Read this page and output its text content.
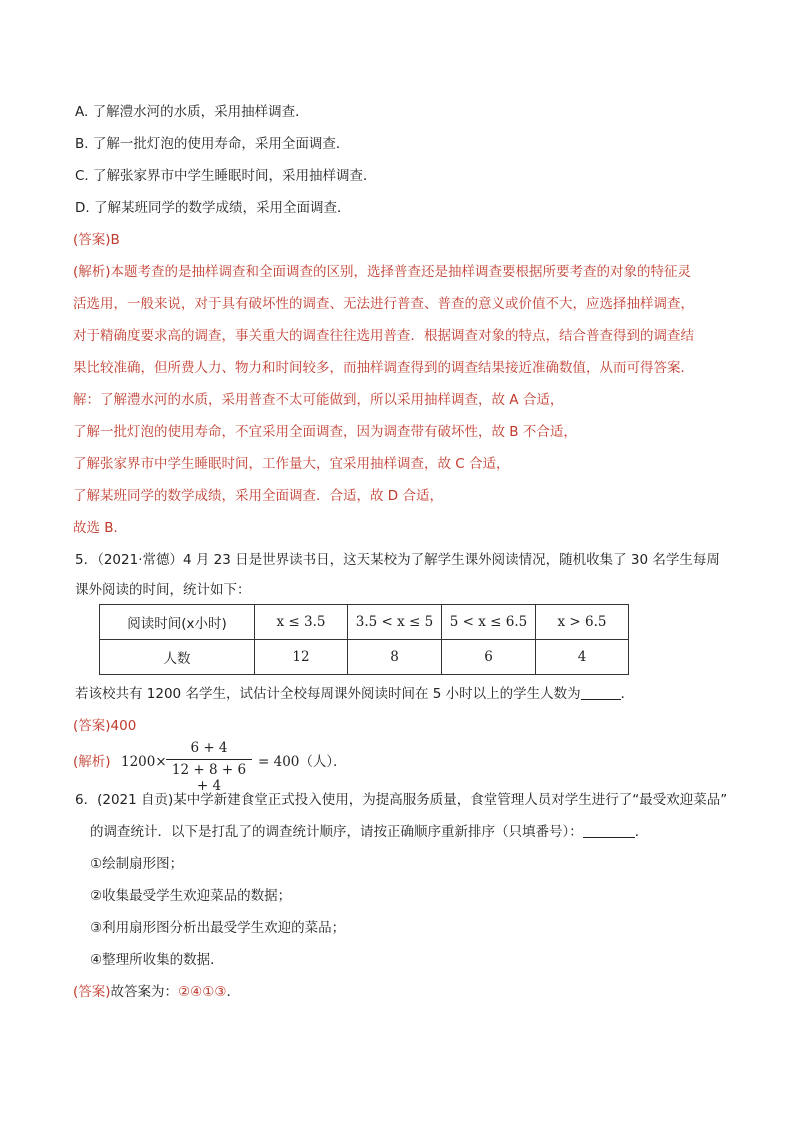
A. 了解澧水河的水质，采用抽样调查．
B. 了解一批灯泡的使用寿命，采用全面调查．
C. 了解张家界市中学生睡眠时间，采用抽样调查．
D. 了解某班同学的数学成绩，采用全面调查．
(答案)B
(解析)本题考查的是抽样调查和全面调查的区别，选择普查还是抽样调查要根据所要考查的对象的特征灵
活选用，一般来说，对于具有破坏性的调查、无法进行普查、普查的意义或价值不大，应选择抽样调查，
对于精确度要求高的调查，事关重大的调查往往选用普查．根据调查对象的特点，结合普查得到的调查结
果比较准确，但所费人力、物力和时间较多，而抽样调查得到的调查结果接近准确数值，从而可得答案．
解：了解澧水河的水质，采用普查不太可能做到，所以采用抽样调查，故 A 合适，
了解一批灯泡的使用寿命，不宜采用全面调查，因为调查带有破坏性，故 B 不合适，
了解张家界市中学生睡眠时间，工作量大，宜采用抽样调查，故 C 合适，
了解某班同学的数学成绩，采用全面调查．合适，故 D 合适，
故选 B．
5．（2021·常德）4 月 23 日是世界读书日，这天某校为了解学生课外阅读情况，随机收集了 30 名学生每周
课外阅读的时间，统计如下：
阅读时间(x小时)	x ≤ 3.5	3.5 < x ≤ 5	5 < x ≤ 6.5	x > 6.5
人数	12	8	6	4
若该校共有 1200 名学生，试估计全校每周课外阅读时间在 5 小时以上的学生人数为	．
(答案)400
(解析) 1200×
6 + 4
12 + 8 + 6 + 4
= 400（人）．
6．(2021 自贡)某中学新建食堂正式投入使用，为提高服务质量，食堂管理人员对学生进行了“最受欢迎菜品”
的调查统计．以下是打乱了的调查统计顺序，请按正确顺序重新排序（只填番号）：	．
①绘制扇形图；
②收集最受学生欢迎菜品的数据；
③利用扇形图分析出最受学生欢迎的菜品；
④整理所收集的数据．
(答案)故答案为：②④①③．
